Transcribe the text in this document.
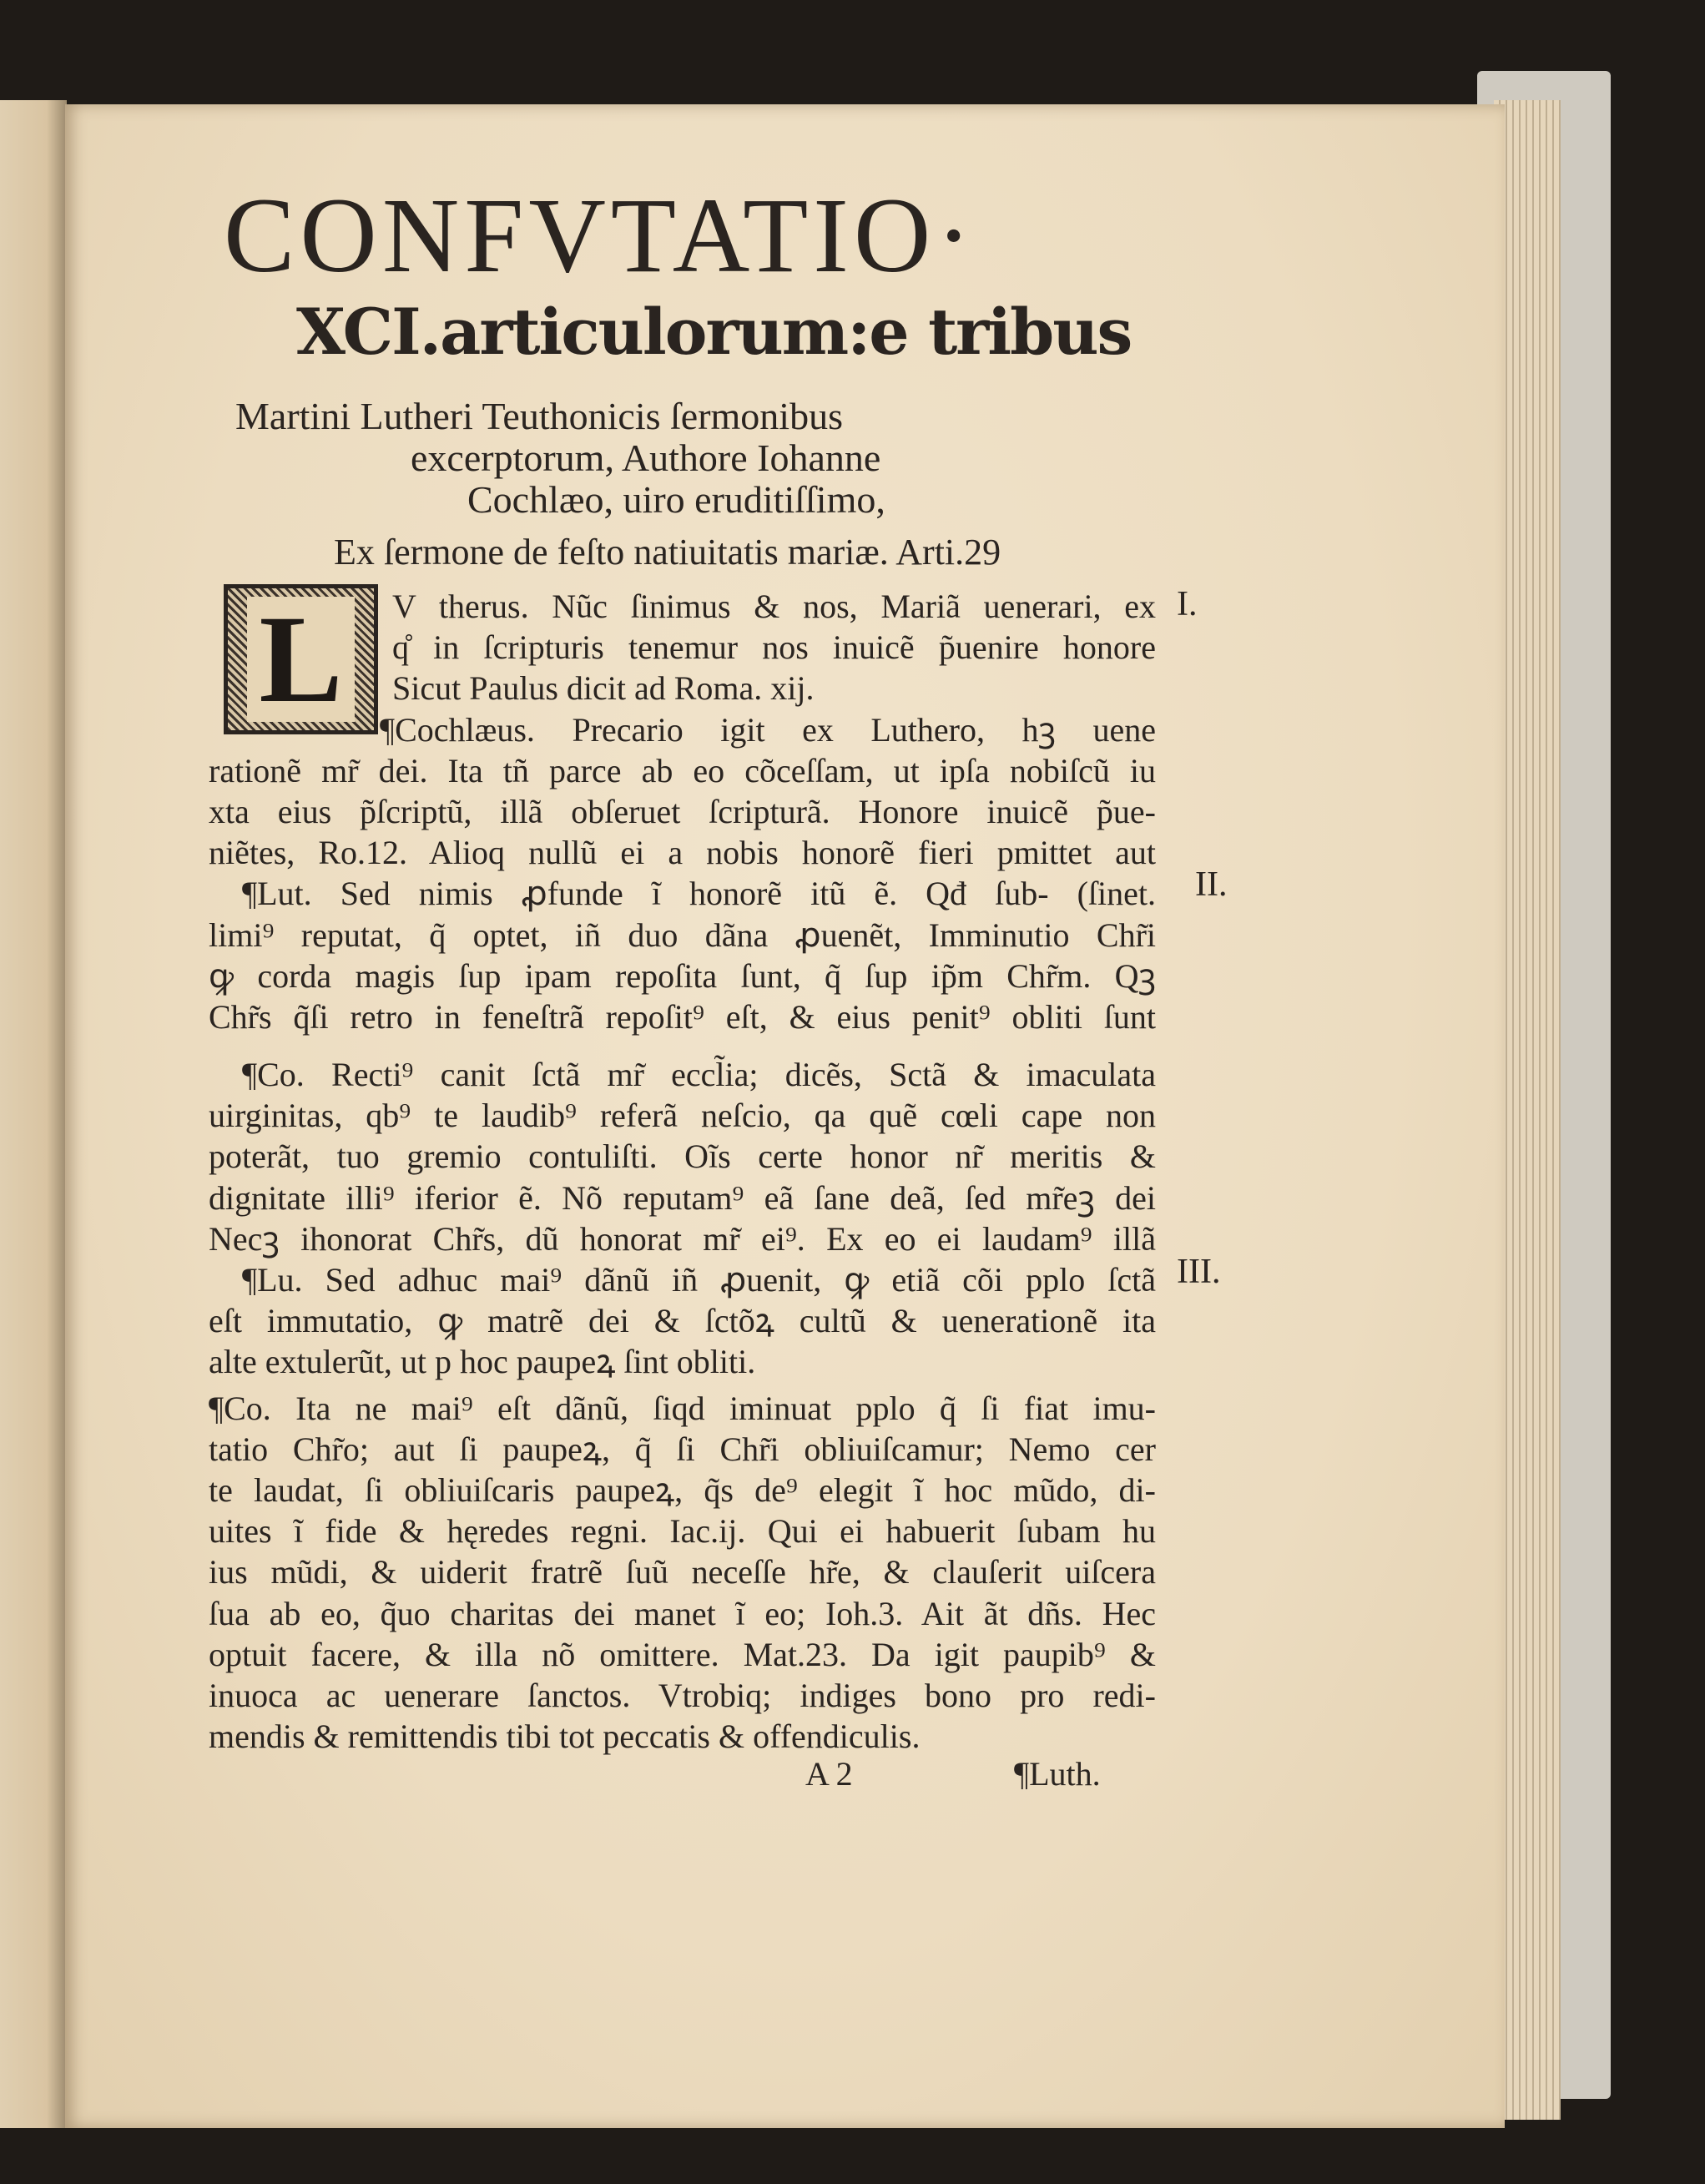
CONFVTATIO·
XCI.articulorum:e tribus
Martini Lutheri Teuthonicis ſermonibus
excerptorum, Authore Iohanne
Cochlæo, uiro eruditiſſimo,
Ex ſermone de feſto natiuitatis mariæ. Arti.29
L	V therus. Nũc ſinimus & nos, Mariã uenerari, ex
q̊ in ſcripturis tenemur nos inuicẽ p̃uenire honore
Sicut Paulus dicit ad Roma. xij.
¶Cochlæus. Precario igit ex Luthero, hꝫ uene
rationẽ mr̃ dei. Ita tñ parce ab eo cõceſſam, ut ipſa nobiſcũ iu
xta eius p̃ſcriptũ, illã obſeruet ſcripturã. Honore inuicẽ p̃ue-
niẽtes, Ro.12. Alioq nullũ ei a nobis honorẽ fieri pmittet aut
¶Lut. Sed nimis ꝓfunde ĩ honorẽ itũ ẽ. Qđ ſub- (ſinet.
limi⁹ reputat, q̃ optet, iñ duo dãna ꝓuenẽt, Imminutio Chr̃i
ꝙ corda magis ſup ipam repoſita ſunt, q̃ ſup ip̃m Chr̃m. Qꝫ
Chr̃s q̃ſi retro in feneſtrã repoſit⁹ eſt, & eius penit⁹ obliti ſunt
¶Co. Recti⁹ canit ſctã mr̃ eccl̃ia; dicẽs, Sctã & imaculata
uirginitas, qb⁹ te laudib⁹ referã neſcio, qa quẽ cœli cape non
poterãt, tuo gremio contuliſti. Oĩs certe honor nr̃ meritis &
dignitate illi⁹ iferior ẽ. Nõ reputam⁹ eã ſane deã, ſed mr̃eꝫ dei
Necꝫ ihonorat Chr̃s, dũ honorat mr̃ ei⁹. Ex eo ei laudam⁹ illã
¶Lu. Sed adhuc mai⁹ dãnũ iñ ꝓuenit, ꝙ etiã cõi pplo ſctã
eſt immutatio, ꝙ matrẽ dei & ſctõꝝ cultũ & uenerationẽ ita
alte extulerũt, ut p hoc paupeꝝ ſint obliti.
¶Co. Ita ne mai⁹ eſt dãnũ, ſiqd iminuat pplo q̃ ſi fiat imu-
tatio Chr̃o; aut ſi paupeꝝ, q̃ ſi Chr̃i obliuiſcamur; Nemo cer
te laudat, ſi obliuiſcaris paupeꝝ, q̃s de⁹ elegit ĩ hoc mũdo, di-
uites ĩ fide & hęredes regni. Iac.ij. Qui ei habuerit ſubam hu
ius mũdi, & uiderit fratrẽ ſuũ neceſſe hr̃e, & clauſerit uiſcera
ſua ab eo, q̃uo charitas dei manet ĩ eo; Ioh.3. Ait ãt dñs. Hec
optuit facere, & illa nõ omittere. Mat.23. Da igit paupib⁹ &
inuoca ac uenerare ſanctos. Vtrobiq; indiges bono pro redi-
mendis & remittendis tibi tot peccatis & offendiculis.
I.
II.
III.
A 2	¶Luth.
